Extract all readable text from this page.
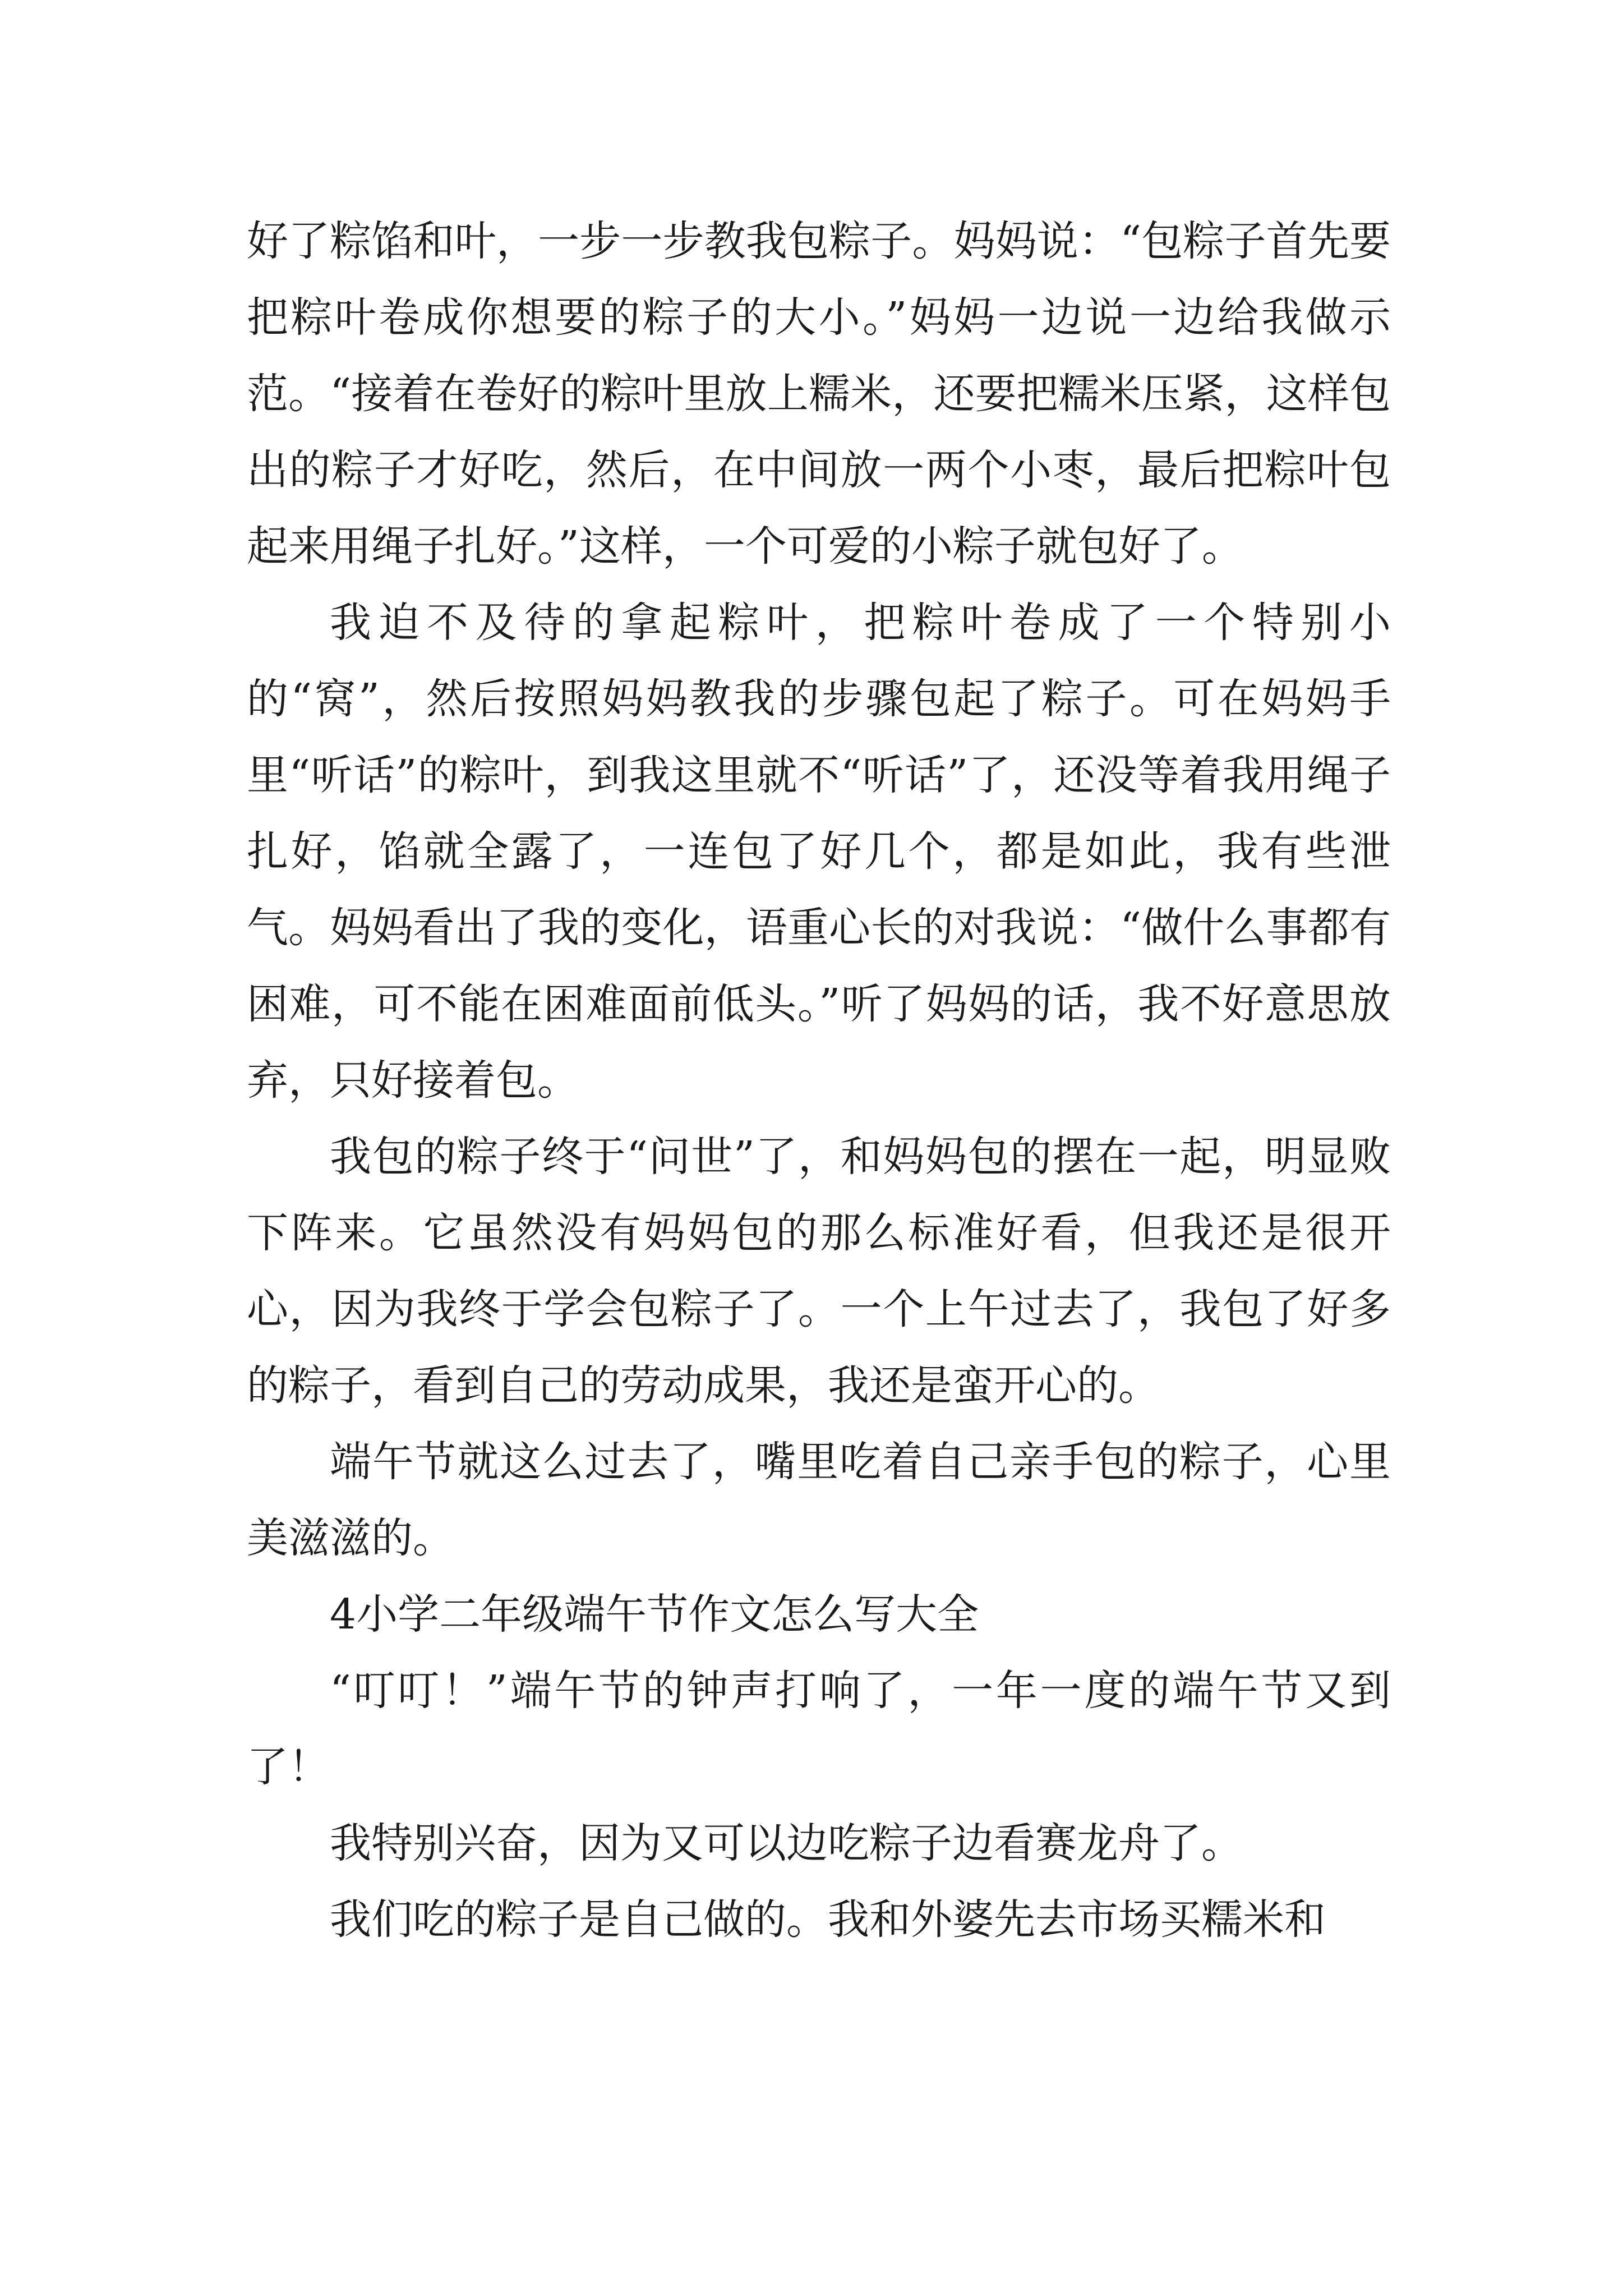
好了粽馅和叶，一步一步教我包粽子。妈妈说：“包粽子首先要把粽叶卷成你想要的粽子的大小。”妈妈一边说一边给我做示范。“接着在卷好的粽叶里放上糯米，还要把糯米压紧，这样包出的粽子才好吃，然后，在中间放一两个小枣，最后把粽叶包起来用绳子扎好。”这样，一个可爱的小粽子就包好了。

我迫不及待的拿起粽叶，把粽叶卷成了一个特别小的“窝”，然后按照妈妈教我的步骤包起了粽子。可在妈妈手里“听话”的粽叶，到我这里就不“听话”了，还没等着我用绳子扎好，馅就全露了，一连包了好几个，都是如此，我有些泄气。妈妈看出了我的变化，语重心长的对我说：“做什么事都有困难，可不能在困难面前低头。”听了妈妈的话，我不好意思放弃，只好接着包。

我包的粽子终于“问世”了，和妈妈包的摆在一起，明显败下阵来。它虽然没有妈妈包的那么标准好看，但我还是很开心，因为我终于学会包粽子了。一个上午过去了，我包了好多的粽子，看到自己的劳动成果，我还是蛮开心的。

端午节就这么过去了，嘴里吃着自己亲手包的粽子，心里美滋滋的。

4小学二年级端午节作文怎么写大全

“叮叮！”端午节的钟声打响了，一年一度的端午节又到了！

我特别兴奋，因为又可以边吃粽子边看赛龙舟了。

我们吃的粽子是自己做的。我和外婆先去市场买糯米和
